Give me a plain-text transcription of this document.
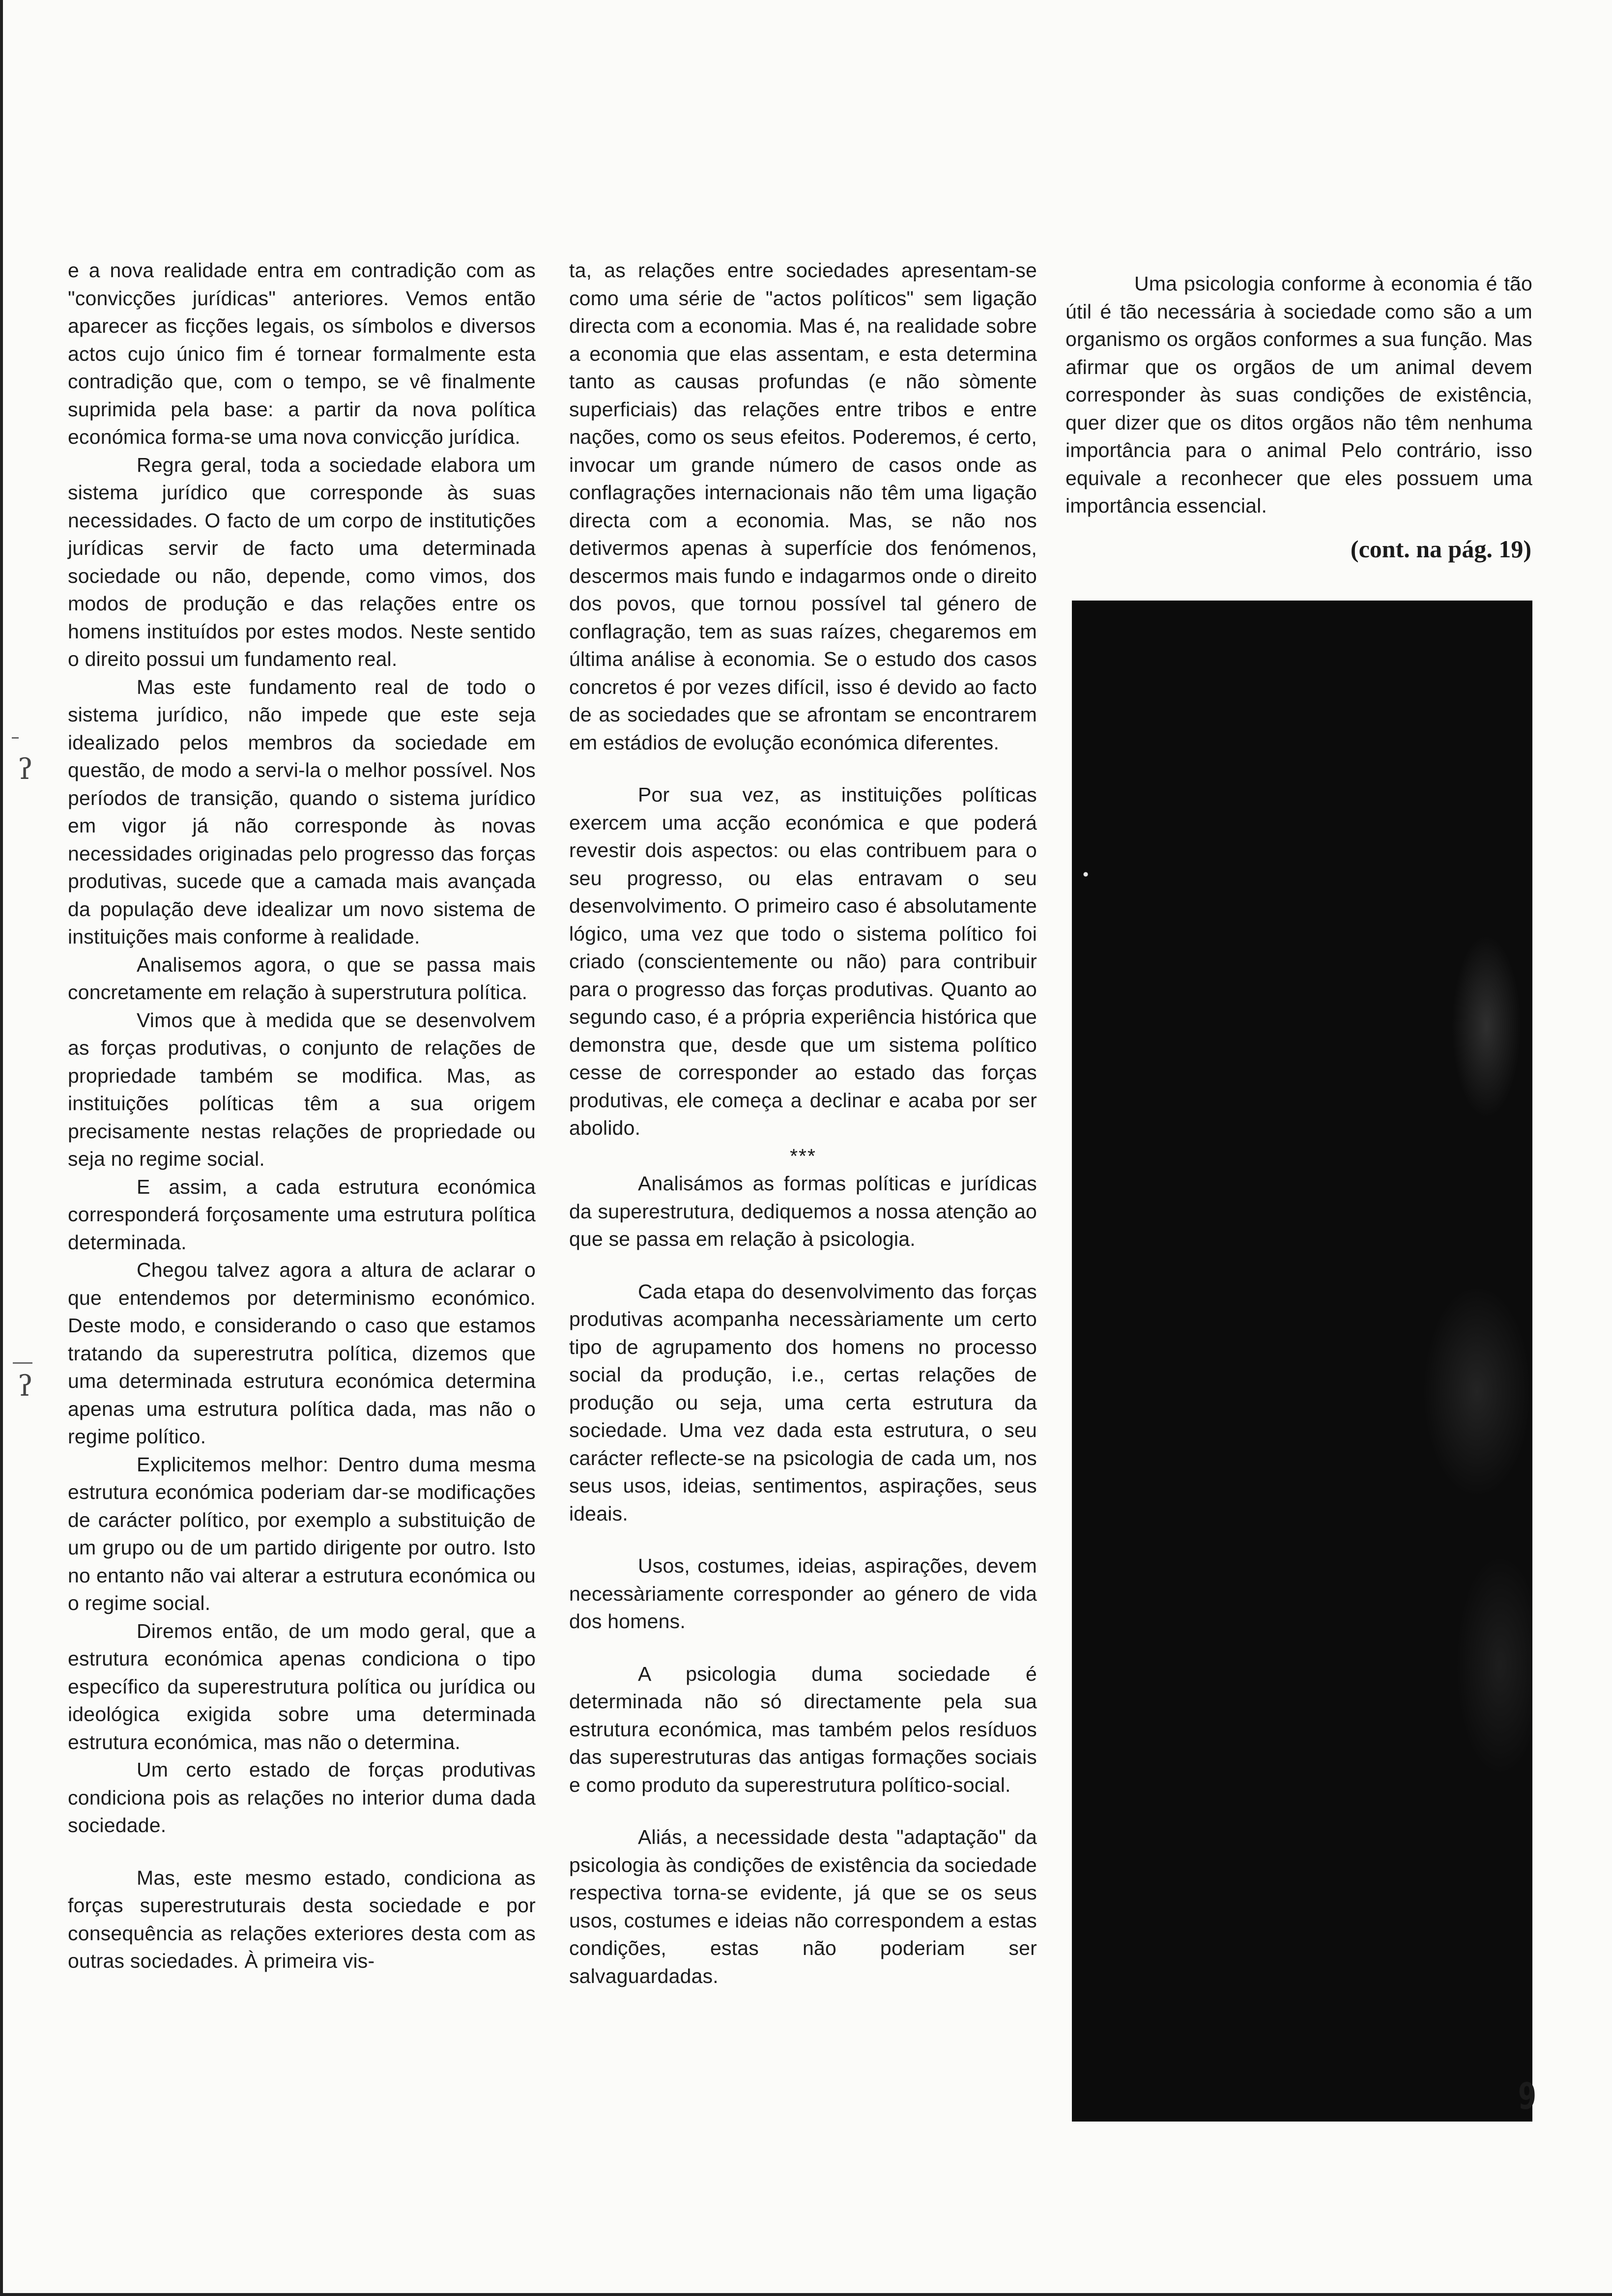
e a nova realidade entra em contradição com as "convicções jurídicas" anteriores. Vemos então aparecer as ficções legais, os símbolos e diversos actos cujo único fim é tornear formalmente esta contradição que, com o tempo, se vê finalmente suprimida pela base: a partir da nova política económica forma-se uma nova convicção jurídica.

Regra geral, toda a sociedade elabora um sistema jurídico que corresponde às suas necessidades. O facto de um corpo de institutições jurídicas servir de facto uma determinada sociedade ou não, depende, como vimos, dos modos de produção e das relações entre os homens instituídos por estes modos. Neste sentido o direito possui um fundamento real.

Mas este fundamento real de todo o sistema jurídico, não impede que este seja idealizado pelos membros da sociedade em questão, de modo a servi-la o melhor possível. Nos períodos de transição, quando o sistema jurídico em vigor já não corresponde às novas necessidades originadas pelo progresso das forças produtivas, sucede que a camada mais avançada da população deve idealizar um novo sistema de instituições mais conforme à realidade.

Analisemos agora, o que se passa mais concretamente em relação à superstrutura política.

Vimos que à medida que se desenvolvem as forças produtivas, o conjunto de relações de propriedade também se modifica. Mas, as instituições políticas têm a sua origem precisamente nestas relações de propriedade ou seja no regime social.

E assim, a cada estrutura económica corresponderá forçosamente uma estrutura política determinada.

Chegou talvez agora a altura de aclarar o que entendemos por determinismo económico. Deste modo, e considerando o caso que estamos tratando da superestrutra política, dizemos que uma determinada estrutura económica determina apenas uma estrutura política dada, mas não o regime político.

Explicitemos melhor: Dentro duma mesma estrutura económica poderiam dar-se modificações de carácter político, por exemplo a substituição de um grupo ou de um partido dirigente por outro. Isto no entanto não vai alterar a estrutura económica ou o regime social.

Diremos então, de um modo geral, que a estrutura económica apenas condiciona o tipo específico da superestrutura política ou jurídica ou ideológica exigida sobre uma determinada estrutura económica, mas não o determina.

Um certo estado de forças produtivas condiciona pois as relações no interior duma dada sociedade.

Mas, este mesmo estado, condiciona as forças superestruturais desta sociedade e por consequência as relações exteriores desta com as outras sociedades. À primeira vis-

ta, as relações entre sociedades apresentam-se como uma série de "actos políticos" sem ligação directa com a economia. Mas é, na realidade sobre a economia que elas assentam, e esta determina tanto as causas profundas (e não sòmente superficiais) das relações entre tribos e entre nações, como os seus efeitos. Poderemos, é certo, invocar um grande número de casos onde as conflagrações internacionais não têm uma ligação directa com a economia. Mas, se não nos detivermos apenas à superfície dos fenómenos, descermos mais fundo e indagarmos onde o direito dos povos, que tornou possível tal género de conflagração, tem as suas raízes, chegaremos em última análise à economia. Se o estudo dos casos concretos é por vezes difícil, isso é devido ao facto de as sociedades que se afrontam se encontrarem em estádios de evolução económica diferentes.

Por sua vez, as instituições políticas exercem uma acção económica e que poderá revestir dois aspectos: ou elas contribuem para o seu progresso, ou elas entravam o seu desenvolvimento. O primeiro caso é absolutamente lógico, uma vez que todo o sistema político foi criado (conscientemente ou não) para contribuir para o progresso das forças produtivas. Quanto ao segundo caso, é a própria experiência histórica que demonstra que, desde que um sistema político cesse de corresponder ao estado das forças produtivas, ele começa a declinar e acaba por ser abolido.

***

Analisámos as formas políticas e jurídicas da superestrutura, dediquemos a nossa atenção ao que se passa em relação à psicologia.

Cada etapa do desenvolvimento das forças produtivas acompanha necessàriamente um certo tipo de agrupamento dos homens no processo social da produção, i.e., certas relações de produção ou seja, uma certa estrutura da sociedade. Uma vez dada esta estrutura, o seu carácter reflecte-se na psicologia de cada um, nos seus usos, ideias, sentimentos, aspirações, seus ideais.

Usos, costumes, ideias, aspirações, devem necessàriamente corresponder ao género de vida dos homens.

A psicologia duma sociedade é determinada não só directamente pela sua estrutura económica, mas também pelos resíduos das superestruturas das antigas formações sociais e como produto da superestrutura político-social.

Aliás, a necessidade desta "adaptação" da psicologia às condições de existência da sociedade respectiva torna-se evidente, já que se os seus usos, costumes e ideias não correspondem a estas condições, estas não poderiam ser salvaguardadas.

Uma psicologia conforme à economia é tão útil é tão necessária à sociedade como são a um organismo os orgãos conformes a sua função. Mas afirmar que os orgãos de um animal devem corresponder às suas condições de existência, quer dizer que os ditos orgãos não têm nenhuma importância para o animal Pelo contrário, isso equivale a reconhecer que eles possuem uma importância essencial.

(cont. na pág. 19)
9
ʔ
ʔ
